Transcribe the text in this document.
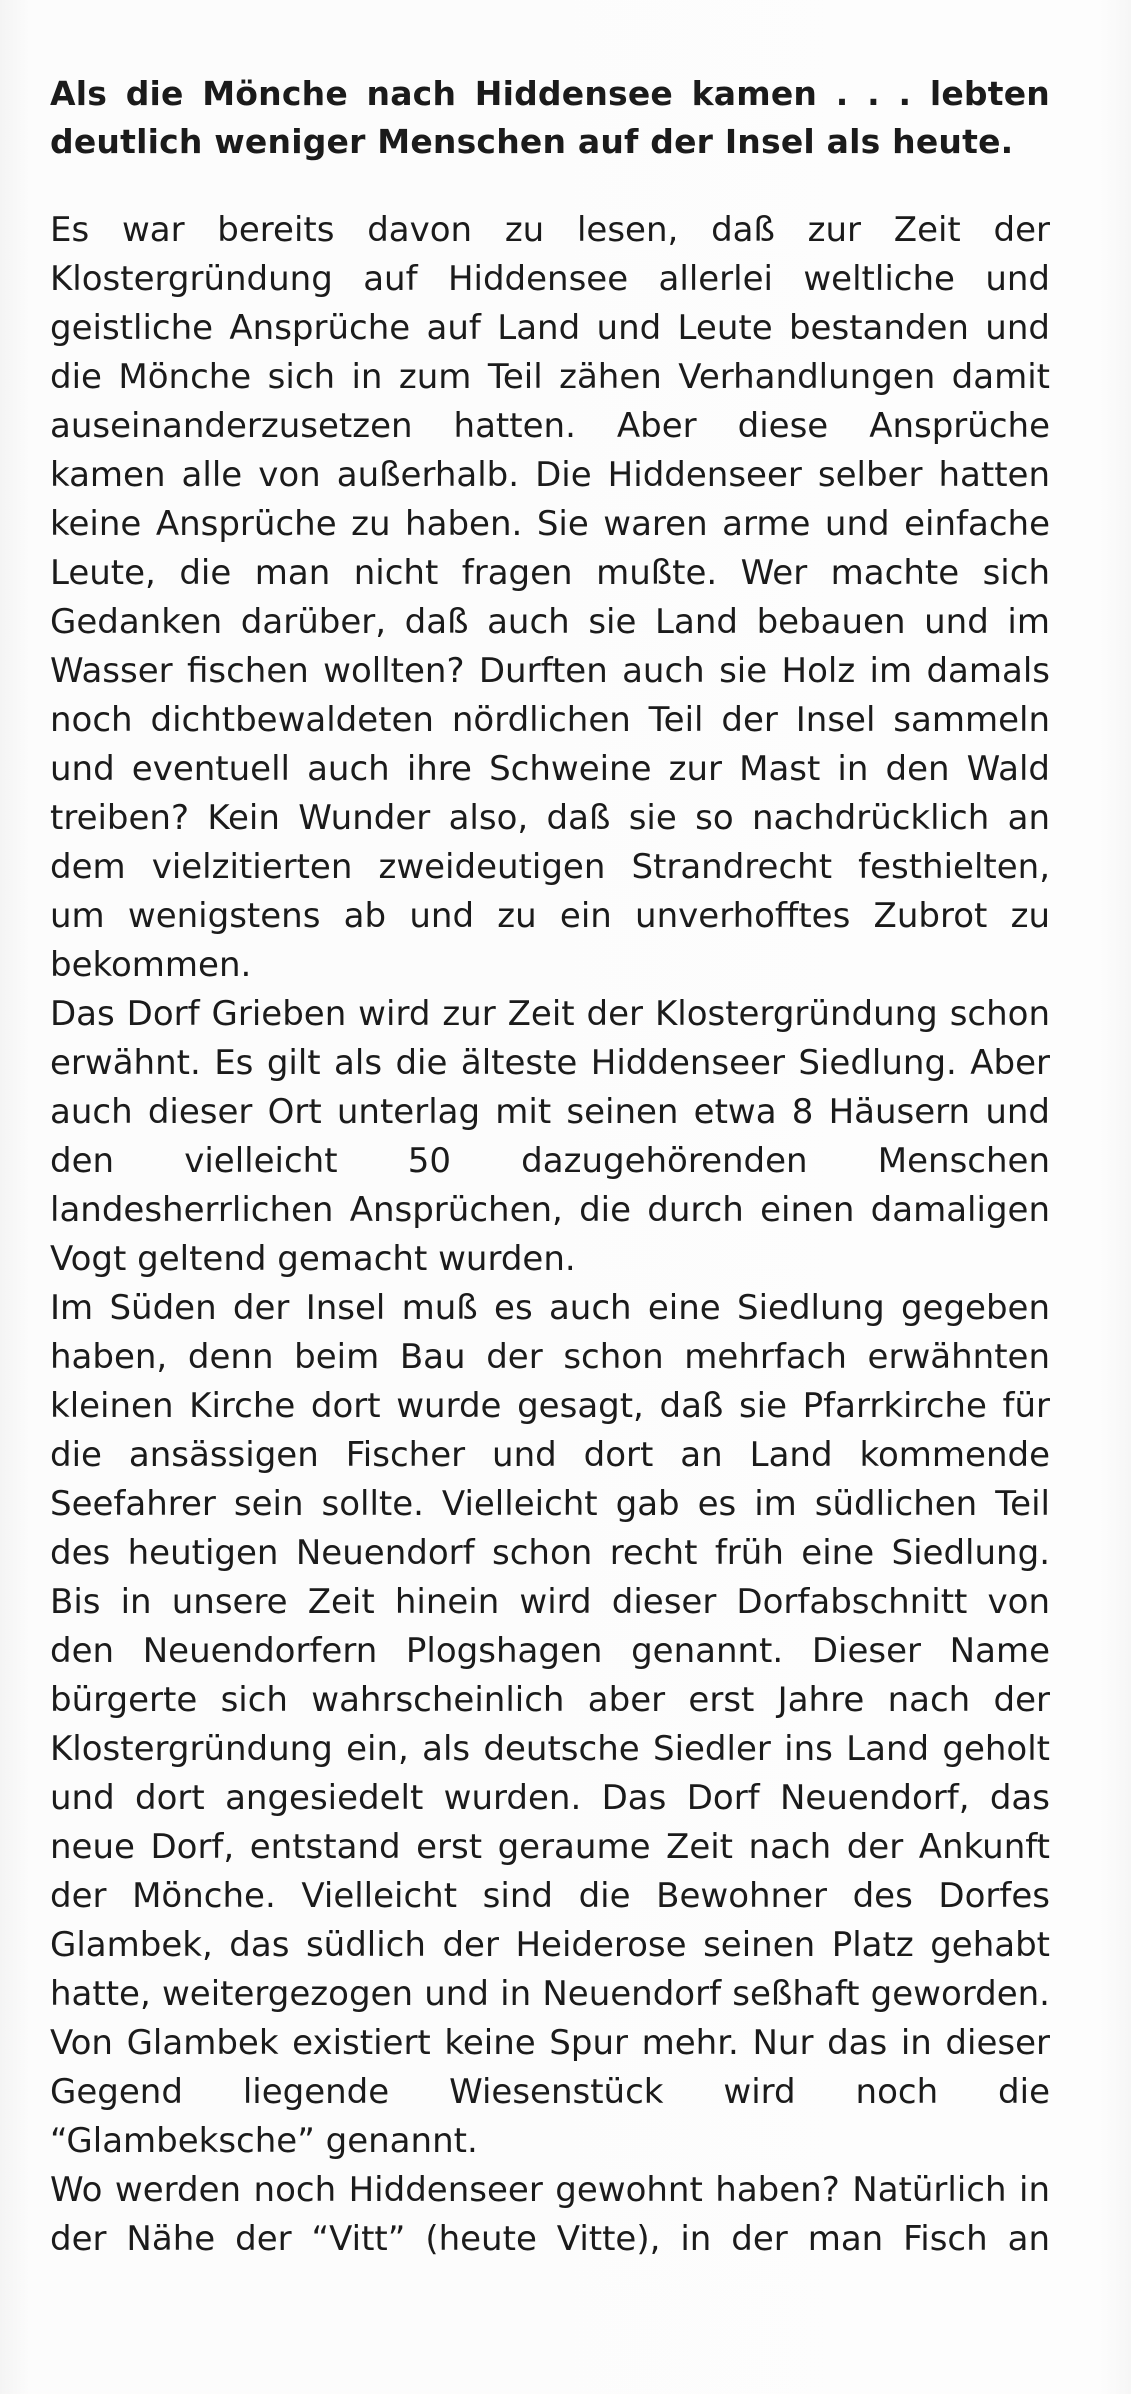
Als die Mönche nach Hiddensee kamen . . . lebten deutlich weniger Menschen auf der Insel als heute.

Es war bereits davon zu lesen, daß zur Zeit der Klostergründung auf Hiddensee allerlei weltliche und geistliche Ansprüche auf Land und Leute bestanden und die Mönche sich in zum Teil zähen Verhandlungen damit auseinanderzusetzen hatten. Aber diese Ansprüche kamen alle von außerhalb. Die Hiddenseer selber hatten keine Ansprüche zu haben. Sie waren arme und einfache Leute, die man nicht fragen mußte. Wer machte sich Gedanken darüber, daß auch sie Land bebauen und im Wasser fischen wollten? Durften auch sie Holz im damals noch dichtbewaldeten nördlichen Teil der Insel sammeln und eventuell auch ihre Schweine zur Mast in den Wald treiben? Kein Wunder also, daß sie so nachdrücklich an dem vielzitierten zweideutigen Strandrecht festhielten, um wenigstens ab und zu ein unverhofftes Zubrot zu bekommen.

Das Dorf Grieben wird zur Zeit der Klostergründung schon erwähnt. Es gilt als die älteste Hiddenseer Siedlung. Aber auch dieser Ort unterlag mit seinen etwa 8 Häusern und den vielleicht 50 dazugehörenden Menschen landesherrlichen Ansprüchen, die durch einen damaligen Vogt geltend gemacht wurden.

Im Süden der Insel muß es auch eine Siedlung gegeben haben, denn beim Bau der schon mehrfach erwähnten kleinen Kirche dort wurde gesagt, daß sie Pfarrkirche für die ansässigen Fischer und dort an Land kommende Seefahrer sein sollte. Vielleicht gab es im südlichen Teil des heutigen Neuendorf schon recht früh eine Siedlung. Bis in unsere Zeit hinein wird dieser Dorfabschnitt von den Neuendorfern Plogshagen genannt. Dieser Name bürgerte sich wahrscheinlich aber erst Jahre nach der Klostergründung ein, als deutsche Siedler ins Land geholt und dort angesiedelt wurden. Das Dorf Neuendorf, das neue Dorf, entstand erst geraume Zeit nach der Ankunft der Mönche. Vielleicht sind die Bewohner des Dorfes Glambek, das südlich der Heiderose seinen Platz gehabt hatte, weitergezogen und in Neuendorf seßhaft geworden. Von Glambek existiert keine Spur mehr. Nur das in dieser Gegend liegende Wiesenstück wird noch die “Glambeksche” genannt.

Wo werden noch Hiddenseer gewohnt haben? Natürlich in der Nähe der “Vitt” (heute Vitte), in der man Fisch an
